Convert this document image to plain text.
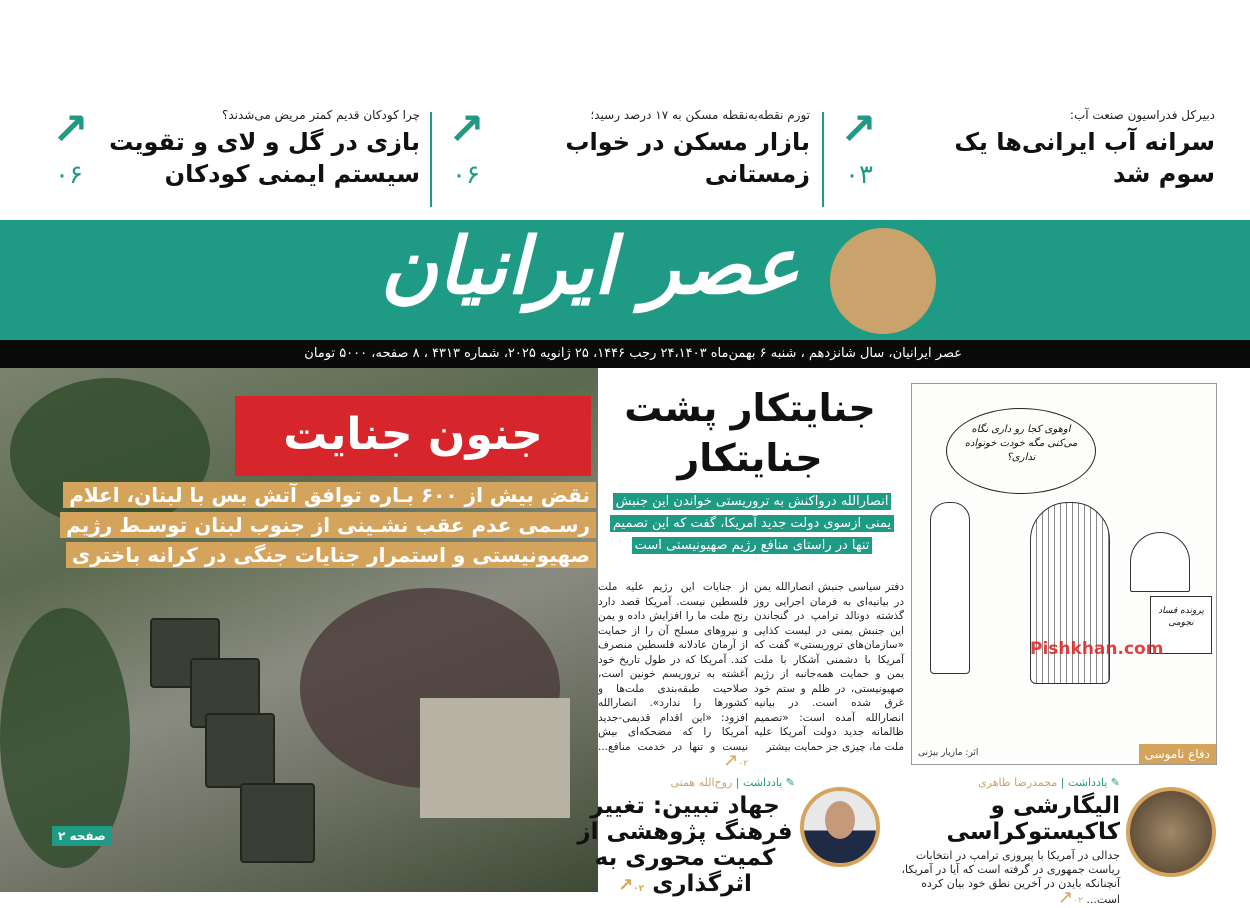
دبیرکل فدراسیون صنعت آب:
سرانه آب ایرانی‌ها یک سوم شد
↗
۰۳
تورم نقطه‌به‌نقطه مسکن به ۱۷ درصد رسید؛
بازار مسکن در خواب زمستانی
↗
۰۶
چرا کودکان قدیم کمتر مریض می‌شدند؟
بازی در گل و لای و تقویت سیستم ایمنی کودکان
↗
۰۶
عصر ایرانیان
عصر ایرانیان، سال شانزدهم ، شنبه ۶ بهمن‌ماه ۲۴،۱۴۰۳ رجب ۱۴۴۶، ۲۵ ژانویه ۲۰۲۵، شماره ۴۳۱۳ ، ۸ صفحه، ۵۰۰۰ تومان
جنون جنایت
نقض بیش از ۶۰۰ بـاره توافق آتش بس با لبنان، اعلام
رسـمی عدم عقب نشـینی از جنوب لبنان توسـط رژیم
صهیونیستی و استمرار جنایات جنگی در کرانه باختری
صفحه ۲
جنایتکار پشت جنایتکار
انصارالله درواکنش به تروریستی خواندن این جنبش
یمنی ازسوی دولت جدید آمریکا، گفت که این تصمیم
تنها در راستای منافع رژیم صهیونیستی است
دفتر سیاسی جنبش انصارالله یمن در بیانیه‌ای به فرمان اجرایی روز گذشته دونالد ترامپ در گنجاندن این جنبش یمنی در لیست کذایی «سازمان‌های تروریستی» گفت که آمریکا با دشمنی آشکار با ملت یمن و حمایت همه‌جانبه از رژیم صهیونیستی، در ظلم و ستم خود غرق شده است. در بیانیه انصارالله آمده است: «تصمیم ظالمانه جدید دولت آمریکا علیه ملت ما، چیزی جز حمایت بیشتر
از جنایات این رژیم علیه ملت فلسطین نیست. آمریکا قصد دارد رنج ملت ما را افزایش داده و یمن و نیروهای مسلح آن را از حمایت از آرمان عادلانه فلسطین منصرف کند. آمریکا که در طول تاریخ خود آغشته به تروریسم خونین است، صلاحیت طبقه‌بندی ملت‌ها و کشورها را ندارد». انصارالله افزود: «این اقدام قدیمی-جدید آمریکا را که مضحکه‌ای بیش نیست و تنها در خدمت منافع... ↗۰۲
اوهوی کجا رو داری نگاه می‌کنی مگه خودت خونواده نداری؟
پرونده فساد نجومی
Pishkhan.com
اثر: مازیار بیژنی	دفاع ناموسی
✎ یادداشت | محمدرضا طاهری
الیگارشی و کاکیستوکراسی
جدالی در آمریکا با پیروزی ترامپ در انتخابات ریاست جمهوری در گرفته است که آیا در آمریکا، آنچنانکه بایدن در آخرین نطق خود بیان کرده است... ↗۰۲
✎ یادداشت | روح‌الله همتی
جهاد تبیین: تغییر فرهنگ پژوهشی از کمیت محوری به اثرگذاری ↗۰۲
